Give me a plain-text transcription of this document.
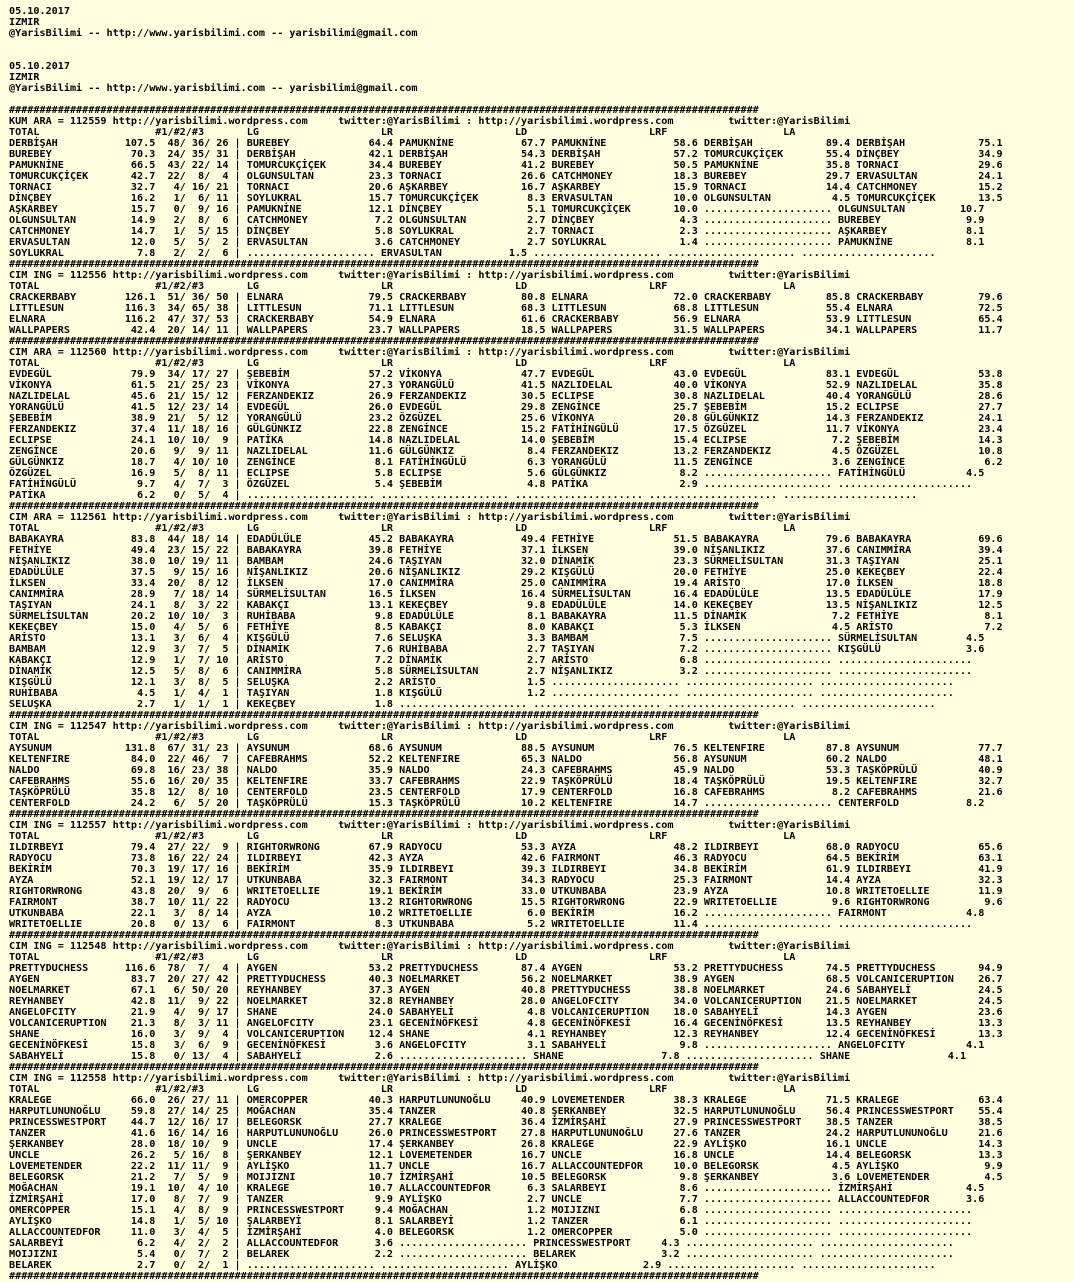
05.10.2017
IZMIR
@YarisBilimi -- http://www.yarisbilimi.com -- yarisbilimi@gmail.com

05.10.2017
IZMIR
@YarisBilimi -- http://www.yarisbilimi.com -- yarisbilimi@gmail.com

###########################################################################################################################
KUM ARA = 112559 http://yarisbilimi.wordpress.com     twitter:@YarisBilimi : http://yarisbilimi.wordpress.com         twitter:@YarisBilimi
TOTAL                   #1/#2/#3       LG                    LR                    LD                    LRF                   LA
DERBİŞAH           107.5  48/ 36/ 26 | BUREBEY             64.4 PAMUKNİNE           67.7 PAMUKNİNE           58.6 DERBİŞAH            89.4 DERBİŞAH            75.1
BUREBEY             70.3  24/ 35/ 31 | DERBİŞAH            42.1 DERBİŞAH            54.3 DERBİŞAH            57.2 TOMURCUKÇİÇEK       55.4 DİNÇBEY             34.9
PAMUKNİNE           66.5  43/ 22/ 14 | TOMURCUKÇİÇEK       34.4 BUREBEY             41.2 BUREBEY             50.5 PAMUKNİNE           35.8 TORNACI             29.6
TOMURCUKÇİÇEK       42.7  22/  8/  4 | OLGUNSULTAN         23.3 TORNACI             26.6 CATCHMONEY          18.3 BUREBEY             29.7 ERVASULTAN          24.1
TORNACI             32.7   4/ 16/ 21 | TORNACI             20.6 AŞKARBEY            16.7 AŞKARBEY            15.9 TORNACI             14.4 CATCHMONEY          15.2
DİNÇBEY             16.2   1/  6/ 11 | SOYLUKRAL           15.7 TOMURCUKÇİÇEK        8.3 ERVASULTAN          10.0 OLGUNSULTAN          4.5 TOMURCUKÇİÇEK       13.5
AŞKARBEY            15.7   0/  9/ 16 | PAMUKNİNE           12.1 DİNÇBEY              5.1 TOMURCUKÇİÇEK       10.0 ..................... OLGUNSULTAN         10.7
OLGUNSULTAN         14.9   2/  8/  6 | CATCHMONEY           7.2 OLGUNSULTAN          2.7 DİNÇBEY              4.3 ..................... BUREBEY              9.9
CATCHMONEY          14.7   1/  5/ 15 | DİNÇBEY              5.8 SOYLUKRAL            2.7 TORNACI              2.3 ..................... AŞKARBEY             8.1
ERVASULTAN          12.0   5/  5/  2 | ERVASULTAN           3.6 CATCHMONEY           2.7 SOYLUKRAL            1.4 ..................... PAMUKNİNE            8.1
SOYLUKRAL            7.8   2/  2/  6 | ..................... ERVASULTAN           1.5 ..................... ..................... ......................
###########################################################################################################################
CIM ING = 112556 http://yarisbilimi.wordpress.com     twitter:@YarisBilimi : http://yarisbilimi.wordpress.com         twitter:@YarisBilimi
TOTAL                   #1/#2/#3       LG                    LR                    LD                    LRF                   LA
CRACKERBABY        126.1  51/ 36/ 50 | ELNARA              79.5 CRACKERBABY         80.8 ELNARA              72.0 CRACKERBABY         85.8 CRACKERBABY         79.6
LITTLESUN          116.3  34/ 65/ 38 | LITTLESUN           71.1 LITTLESUN           68.3 LITTLESUN           68.8 LITTLESUN           55.4 ELNARA              72.5
ELNARA             116.2  47/ 37/ 53 | CRACKERBABY         54.9 ELNARA              61.6 CRACKERBABY         56.9 ELNARA              53.9 LITTLESUN           65.4
WALLPAPERS          42.4  20/ 14/ 11 | WALLPAPERS          23.7 WALLPAPERS          18.5 WALLPAPERS          31.5 WALLPAPERS          34.1 WALLPAPERS          11.7
###########################################################################################################################
CIM ARA = 112560 http://yarisbilimi.wordpress.com     twitter:@YarisBilimi : http://yarisbilimi.wordpress.com         twitter:@YarisBilimi
TOTAL                   #1/#2/#3       LG                    LR                    LD                    LRF                   LA
EVDEGÜL             79.9  34/ 17/ 27 | ŞEBEBİM             57.2 VİKONYA             47.7 EVDEGÜL             43.0 EVDEGÜL             83.1 EVDEGÜL             53.8
VİKONYA             61.5  21/ 25/ 23 | VİKONYA             27.3 YORANGÜLÜ           41.5 NAZLIDELAL          40.0 VİKONYA             52.9 NAZLIDELAL          35.8
NAZLIDELAL          45.6  21/ 15/ 12 | FERZANDEKIZ         26.9 FERZANDEKIZ         30.5 ECLIPSE             30.8 NAZLIDELAL          40.4 YORANGÜLÜ           28.6
YORANGÜLÜ           41.5  12/ 23/ 14 | EVDEGÜL             26.0 EVDEGÜL             29.8 ZENGİNCE            25.7 ŞEBEBİM             15.2 ECLIPSE             27.7
ŞEBEBİM             38.9  21/  5/ 12 | YORANGÜLÜ           23.2 ÖZGÜZEL             25.6 VİKONYA             20.8 GÜLGÜNKIZ           14.3 FERZANDEKIZ         24.1
FERZANDEKIZ         37.4  11/ 18/ 16 | GÜLGÜNKIZ           22.8 ZENGİNCE            15.2 FATİHİNGÜLÜ         17.5 ÖZGÜZEL             11.7 VİKONYA             23.4
ECLIPSE             24.1  10/ 10/  9 | PATİKA              14.8 NAZLIDELAL          14.0 ŞEBEBİM             15.4 ECLIPSE              7.2 ŞEBEBİM             14.3
ZENGİNCE            20.6   9/  9/ 11 | NAZLIDELAL          11.6 GÜLGÜNKIZ            8.4 FERZANDEKIZ         13.2 FERZANDEKIZ          4.5 ÖZGÜZEL             10.8
GÜLGÜNKIZ           18.7   4/ 10/ 10 | ZENGİNCE             8.1 FATİHİNGÜLÜ          6.3 YORANGÜLÜ           11.5 ZENGİNCE             3.6 ZENGİNCE             6.2
ÖZGÜZEL             16.9   5/  8/ 11 | ECLIPSE              5.8 ECLIPSE              5.6 GÜLGÜNKIZ            8.2 ..................... FATİHİNGÜLÜ          4.5
FATİHİNGÜLÜ          9.7   4/  7/  3 | ÖZGÜZEL              5.4 ŞEBEBİM              4.8 PATİKA               2.9 ..................... ......................
PATİKA               6.2   0/  5/  4 | ..................... ..................... ..................... ..................... ......................
###########################################################################################################################
CIM ARA = 112561 http://yarisbilimi.wordpress.com     twitter:@YarisBilimi : http://yarisbilimi.wordpress.com         twitter:@YarisBilimi
TOTAL                   #1/#2/#3       LG                    LR                    LD                    LRF                   LA
BABAKAYRA           83.8  44/ 18/ 14 | EDADÜLÜLE           45.2 BABAKAYRA           49.4 FETHİYE             51.5 BABAKAYRA           79.6 BABAKAYRA           69.6
FETHİYE             49.4  23/ 15/ 22 | BABAKAYRA           39.8 FETHİYE             37.1 İLKSEN              39.0 NİŞANLIKIZ          37.6 CANIMMİRA           39.4
NİŞANLIKIZ          38.0  10/ 19/ 11 | BAMBAM              24.6 TAŞIYAN             32.0 DİNAMİK             23.3 SÜRMELİSULTAN       31.3 TAŞIYAN             25.1
EDADÜLÜLE           37.5   9/ 15/ 16 | NİŞANLIKIZ          20.6 NİŞANLIKIZ          29.2 KIŞGÜLÜ             20.0 FETHİYE             25.0 KEKEÇBEY            22.4
İLKSEN              33.4  20/  8/ 12 | İLKSEN              17.0 CANIMMİRA           25.0 CANIMMİRA           19.4 ARİSTO              17.0 İLKSEN              18.8
CANIMMİRA           28.9   7/ 18/ 14 | SÜRMELİSULTAN       16.5 İLKSEN              16.4 SÜRMELİSULTAN       16.4 EDADÜLÜLE           13.5 EDADÜLÜLE           17.9
TAŞIYAN             24.1   8/  3/ 22 | KABAKÇI             13.1 KEKEÇBEY             9.8 EDADÜLÜLE           14.0 KEKEÇBEY            13.5 NİŞANLIKIZ          12.5
SÜRMELİSULTAN       20.2  10/ 10/  3 | RUHİBABA             9.8 EDADÜLÜLE            8.1 BABAKAYRA           11.5 DİNAMİK              7.2 FETHİYE              8.1
KEKEÇBEY            15.0   4/  5/  6 | FETHİYE              8.5 KABAKÇI              8.0 KABAKÇI              5.3 İLKSEN               4.5 ARİSTO               7.2
ARİSTO              13.1   3/  6/  4 | KIŞGÜLÜ              7.6 SELUŞKA              3.3 BAMBAM               7.5 ..................... SÜRMELİSULTAN        4.5
BAMBAM              12.9   3/  7/  5 | DİNAMİK              7.6 RUHİBABA             2.7 TAŞIYAN              7.2 ..................... KIŞGÜLÜ              3.6
KABAKÇI             12.9   1/  7/ 10 | ARİSTO               7.2 DİNAMİK              2.7 ARİSTO               6.8 ..................... ......................
DİNAMİK             12.5   5/  8/  6 | CANIMMİRA            5.8 SÜRMELİSULTAN        2.7 NİŞANLIKIZ           3.2 ..................... ......................
KIŞGÜLÜ             12.1   3/  8/  5 | SELUŞKA              2.2 ARİSTO               1.5 ..................... ..................... ......................
RUHİBABA             4.5   1/  4/  1 | TAŞIYAN              1.8 KIŞGÜLÜ              1.2 ..................... ..................... ......................
SELUŞKA              2.7   1/  1/  1 | KEKEÇBEY             1.8 ..................... ..................... ..................... ......................
###########################################################################################################################
CIM ING = 112547 http://yarisbilimi.wordpress.com     twitter:@YarisBilimi : http://yarisbilimi.wordpress.com         twitter:@YarisBilimi
TOTAL                   #1/#2/#3       LG                    LR                    LD                    LRF                   LA
AYSUNUM            131.8  67/ 31/ 23 | AYSUNUM             68.6 AYSUNUM             88.5 AYSUNUM             76.5 KELTENFIRE          87.8 AYSUNUM             77.7
KELTENFIRE          84.0  22/ 46/  7 | CAFEBRAHMS          52.2 KELTENFIRE          65.3 NALDO               56.8 AYSUNUM             60.2 NALDO               48.1
NALDO               69.8  16/ 23/ 38 | NALDO               35.9 NALDO               24.3 CAFEBRAHMS          45.9 NALDO               53.3 TAŞKÖPRÜLÜ          40.9
CAFEBRAHMS          55.6  16/ 20/ 35 | KELTENFIRE          33.7 CAFEBRAHMS          22.9 TAŞKÖPRÜLÜ          18.4 TAŞKÖPRÜLÜ          19.5 KELTENFIRE          32.7
TAŞKÖPRÜLÜ          35.8  12/  8/ 10 | CENTERFOLD          23.5 CENTERFOLD          17.9 CENTERFOLD          16.8 CAFEBRAHMS           8.2 CAFEBRAHMS          21.6
CENTERFOLD          24.2   6/  5/ 20 | TAŞKÖPRÜLÜ          15.3 TAŞKÖPRÜLÜ          10.2 KELTENFIRE          14.7 ..................... CENTERFOLD           8.2
###########################################################################################################################
CIM ING = 112557 http://yarisbilimi.wordpress.com     twitter:@YarisBilimi : http://yarisbilimi.wordpress.com         twitter:@YarisBilimi
TOTAL                   #1/#2/#3       LG                    LR                    LD                    LRF                   LA
ILDIRBEYI           79.4  27/ 22/  9 | RIGHTORWRONG        67.9 RADYOCU             53.3 AYZA                48.2 ILDIRBEYI           68.0 RADYOCU             65.6
RADYOCU             73.8  16/ 22/ 24 | ILDIRBEYI           42.3 AYZA                42.6 FAIRMONT            46.3 RADYOCU             64.5 BEKİRİM             63.1
BEKİRİM             70.3  19/ 17/ 16 | BEKİRİM             35.9 ILDIRBEYI           39.3 ILDIRBEYI           34.8 BEKİRİM             61.9 ILDIRBEYI           41.9
AYZA                52.1  19/ 12/ 17 | UTKUNBABA           32.3 FAIRMONT            34.3 RADYOCU             25.3 FAIRMONT            14.4 AYZA                32.3
RIGHTORWRONG        43.8  20/  9/  6 | WRITETOELLIE        19.1 BEKİRİM             33.0 UTKUNBABA           23.9 AYZA                10.8 WRITETOELLIE        11.9
FAIRMONT            38.7  10/ 11/ 22 | RADYOCU             13.2 RIGHTORWRONG        15.5 RIGHTORWRONG        22.9 WRITETOELLIE         9.6 RIGHTORWRONG         9.6
UTKUNBABA           22.1   3/  8/ 14 | AYZA                10.2 WRITETOELLIE         6.0 BEKİRİM             16.2 ..................... FAIRMONT             4.8
WRITETOELLIE        20.8   0/ 13/  6 | FAIRMONT             8.3 UTKUNBABA            5.2 WRITETOELLIE        11.4 ..................... ......................
###########################################################################################################################
CIM ING = 112548 http://yarisbilimi.wordpress.com     twitter:@YarisBilimi : http://yarisbilimi.wordpress.com         twitter:@YarisBilimi
TOTAL                   #1/#2/#3       LG                    LR                    LD                    LRF                   LA
PRETTYDUCHESS      116.6  78/  7/  4 | AYGEN               53.2 PRETTYDUCHESS       87.4 AYGEN               53.2 PRETTYDUCHESS       74.5 PRETTYDUCHESS       94.9
AYGEN               83.7  20/ 27/ 42 | PRETTYDUCHESS       40.3 NOELMARKET          56.2 NOELMARKET          38.9 AYGEN               68.5 VOLCANICERUPTION    26.7
NOELMARKET          67.1   6/ 50/ 20 | REYHANBEY           37.3 AYGEN               40.8 PRETTYDUCHESS       38.8 NOELMARKET          24.6 SABAHYELİ           24.5
REYHANBEY           42.8  11/  9/ 22 | NOELMARKET          32.8 REYHANBEY           28.0 ANGELOFCITY         34.0 VOLCANICERUPTION    21.5 NOELMARKET          24.5
ANGELOFCITY         21.9   4/  9/ 17 | SHANE               24.0 SABAHYELİ            4.8 VOLCANICERUPTION    18.0 SABAHYELİ           14.3 AYGEN               23.6
VOLCANICERUPTION    21.3   8/  3/ 11 | ANGELOFCITY         23.1 GECENİNÖFKESİ        4.8 GECENİNÖFKESİ       16.4 GECENİNÖFKESİ       13.5 REYHANBEY           13.3
SHANE               16.0   3/  9/  4 | VOLCANICERUPTION    12.4 SHANE                4.1 REYHANBEY           12.3 REYHANBEY           12.4 GECENİNÖFKESİ       13.3
GECENİNÖFKESİ       15.8   3/  6/  9 | GECENİNÖFKESİ        3.6 ANGELOFCITY          3.1 SABAHYELİ            9.8 ..................... ANGELOFCITY          4.1
SABAHYELİ           15.8   0/ 13/  4 | SABAHYELİ            2.6 ..................... SHANE                7.8 ..................... SHANE                4.1
###########################################################################################################################
CIM ING = 112558 http://yarisbilimi.wordpress.com     twitter:@YarisBilimi : http://yarisbilimi.wordpress.com         twitter:@YarisBilimi
TOTAL                   #1/#2/#3       LG                    LR                    LD                    LRF                   LA
KRALEGE             66.0  26/ 27/ 11 | OMERCOPPER          40.3 HARPUTLUNUNOĞLU     40.9 LOVEMETENDER        38.3 KRALEGE             71.5 KRALEGE             63.4
HARPUTLUNUNOĞLU     59.8  27/ 14/ 25 | MOĞACHAN            35.4 TANZER              40.8 ŞERKANBEY           32.5 HARPUTLUNUNOĞLU     56.4 PRINCESSWESTPORT    55.4
PRINCESSWESTPORT    44.7  12/ 16/ 17 | BELEGORSK           27.7 KRALEGE             36.4 İZMİRŞAHİ           27.9 PRINCESSWESTPORT    38.5 TANZER              38.5
TANZER              41.6  16/ 14/ 16 | HARPUTLUNUNOĞLU     26.0 PRINCESSWESTPORT    27.8 HARPUTLUNUNOĞLU     27.6 TANZER              24.2 HARPUTLUNUNOĞLU     21.6
ŞERKANBEY           28.0  18/ 10/  9 | UNCLE               17.4 ŞERKANBEY           26.8 KRALEGE             22.9 AYLİŞKO             16.1 UNCLE               14.3
UNCLE               26.2   5/ 16/  8 | ŞERKANBEY           12.1 LOVEMETENDER        16.7 UNCLE               16.8 UNCLE               14.4 BELEGORSK           13.3
LOVEMETENDER        22.2  11/ 11/  9 | AYLİŞKO             11.7 UNCLE               16.7 ALLACCOUNTEDFOR     10.0 BELEGORSK            4.5 AYLİŞKO              9.9
BELEGORSK           21.2   7/  5/  9 | MOIJIZNI            10.7 İZMİRŞAHİ           10.5 BELEGORSK            9.8 ŞERKANBEY            3.6 LOVEMETENDER         4.5
MOĞACHAN            19.1  10/  4/ 10 | KRALEGE             10.7 ALLACCOUNTEDFOR      6.3 SALARBEYI            8.6 ..................... İZMİRŞAHİ            4.5
İZMİRŞAHİ           17.0   8/  7/  9 | TANZER               9.9 AYLİŞKO              2.7 UNCLE                7.7 ..................... ALLACCOUNTEDFOR      3.6
OMERCOPPER          15.1   4/  8/  9 | PRINCESSWESTPORT     9.4 MOĞACHAN             1.2 MOIJIZNI             6.8 ..................... ......................
AYLİŞKO             14.8   1/  5/ 10 | ŞALARBEYİ            8.1 SALARBEYİ            1.2 TANZER               6.1 ..................... ......................
ALLACCOUNTEDFOR     11.0   3/  4/  5 | İZMİRŞAHİ            4.0 BELEGORSK            1.2 OMERCOPPER           5.0 ..................... ......................
SALARBEYİ            6.2   4/  2/  2 | ALLACCOUNTEDFOR      3.6 ..................... PRINCESSWESTPORT     4.3 ..................... ......................
MOIJIZNI             5.4   0/  7/  2 | BELAREK              2.2 ..................... BELAREK              3.2 ..................... ......................
BELAREK              2.7   0/  2/  1 | ..................... ..................... AYLİŞKO              2.9 ..................... ......................
###########################################################################################################################
